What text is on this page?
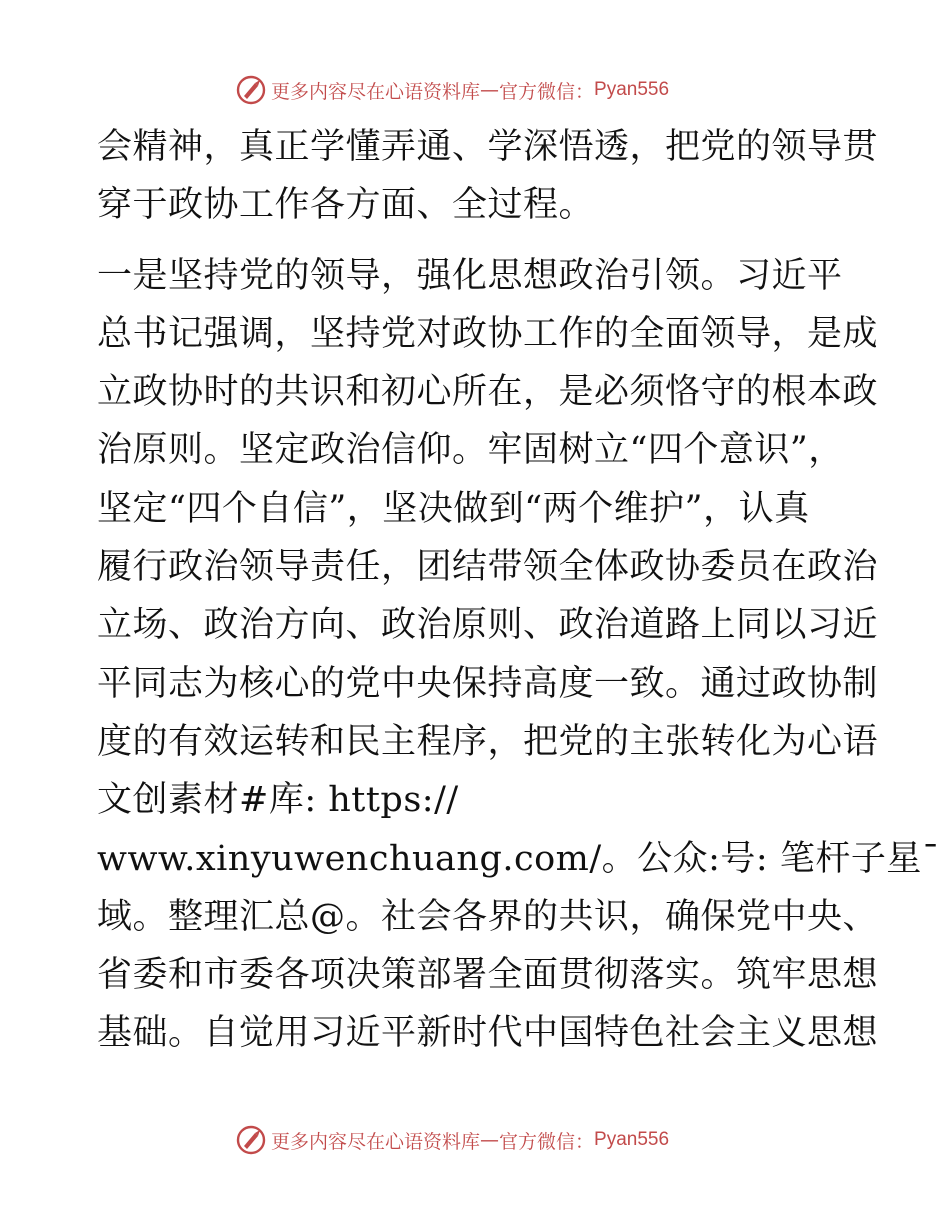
更多内容尽在心语资料库 — 官方微信： Pyan556
会精神，真正学懂弄通、学深悟透，把党的领导贯
穿于政协工作各方面、全过程。
一是坚持党的领导，强化思想政治引领。习近平
总书记强调，坚持党对政协工作的全面领导，是成
立政协时的共识和初心所在，是必须恪守的根本政
治原则。坚定政治信仰。牢固树立“四个意识”，
坚定“四个自信”，坚决做到“两个维护”，认真
履行政治领导责任，团结带领全体政协委员在政治
立场、政治方向、政治原则、政治道路上同以习近
平同志为核心的党中央保持高度一致。通过政协制
度的有效运转和民主程序，把党的主张转化为心语
文创素材#库: https://
www.xinyuwenchuang.com/。公众:号: 笔杆子星¯
域。整理汇总@。社会各界的共识，确保党中央、
省委和市委各项决策部署全面贯彻落实。筑牢思想
基础。自觉用习近平新时代中国特色社会主义思想
更多内容尽在心语资料库 — 官方微信： Pyan556
